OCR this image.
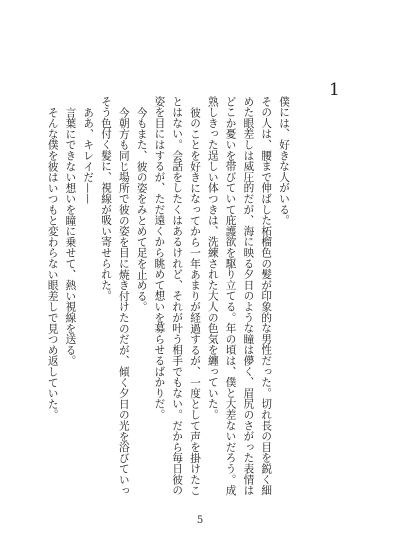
1

僕には、好きな人がいる。

その人は、腰まで伸ばした柘榴色の髪が印象的な男性だった。切れ長の目を鋭く細めた眼差しは威圧的だが、海に映る夕日のような瞳は儚く、眉尻のさがった表情はどこか憂いを帯びていて庇護欲を駆り立てる。年の頃は、僕と大差ないだろう。成熟しきった逞しい体つきは、洗練された大人の色気を纏っていた。

彼のことを好きになってから一年あまりが経過するが、一度として声を掛けたことはない。会話をしたくはあるけれど、それが叶う相手でもない。だから毎日彼の姿を目にはするが、ただ遠くから眺めて想いを募らせるばかりだ。

今もまた、彼の姿をみとめて足を止める。

今朝方も同じ場所で彼の姿を目に焼き付けたのだが、傾く夕日の光を浴びていっそう色付く髪に、視線が吸い寄せられた。

ああ、キレイだ——

言葉にできない想いを瞳に乗せて、熱い視線を送る。

そんな僕を彼はいつもと変わらない眼差しで見つめ返していた。

5
